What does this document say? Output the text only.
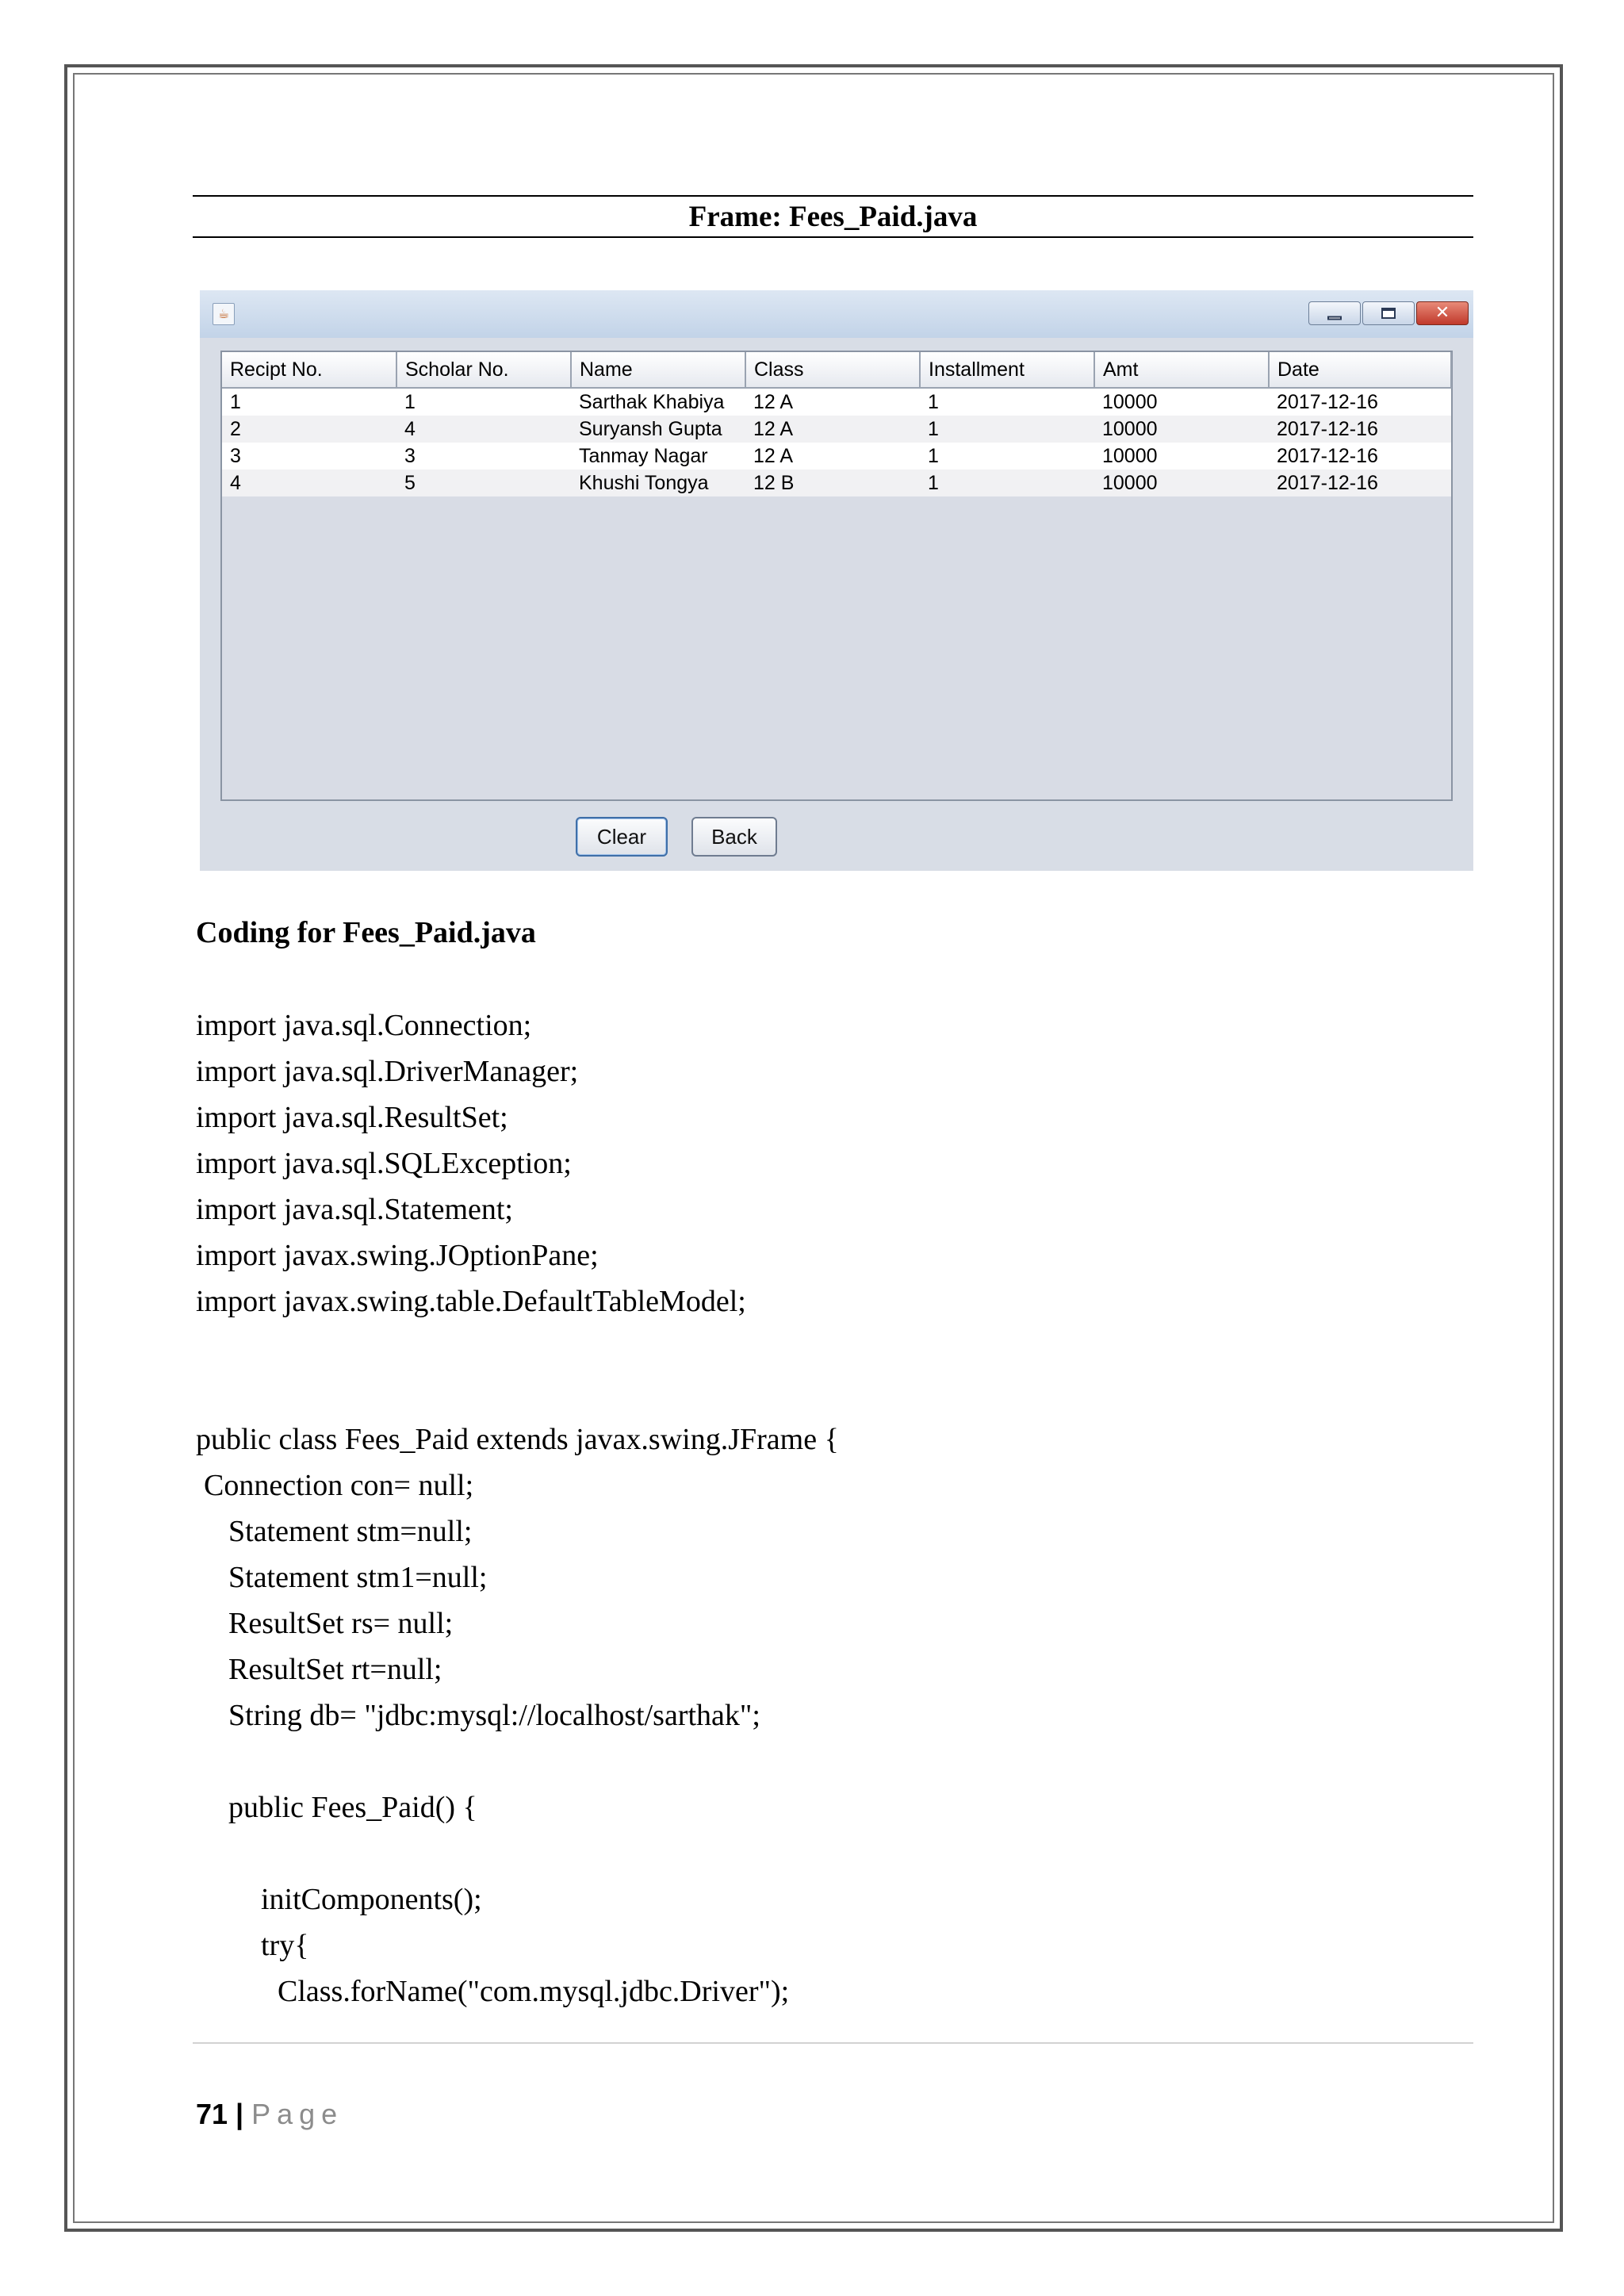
Frame: Fees_Paid.java
☕	✕
Recipt No.	Scholar No.	Name	Class	Installment	Amt	Date
1	1	Sarthak Khabiya	12 A	1	10000	2017-12-16
2	4	Suryansh Gupta	12 A	1	10000	2017-12-16
3	3	Tanmay Nagar	12 A	1	10000	2017-12-16
4	5	Khushi Tongya	12 B	1	10000	2017-12-16
Clear	Back
Coding for Fees_Paid.java
import java.sql.Connection;
import java.sql.DriverManager;
import java.sql.ResultSet;
import java.sql.SQLException;
import java.sql.Statement;
import javax.swing.JOptionPane;
import javax.swing.table.DefaultTableModel;
public class Fees_Paid extends javax.swing.JFrame {
Connection con= null;
Statement stm=null;
Statement stm1=null;
ResultSet rs= null;
ResultSet rt=null;
String db= "jdbc:mysql://localhost/sarthak";
public Fees_Paid() {
initComponents();
try{
Class.forName("com.mysql.jdbc.Driver");
71 | Page
